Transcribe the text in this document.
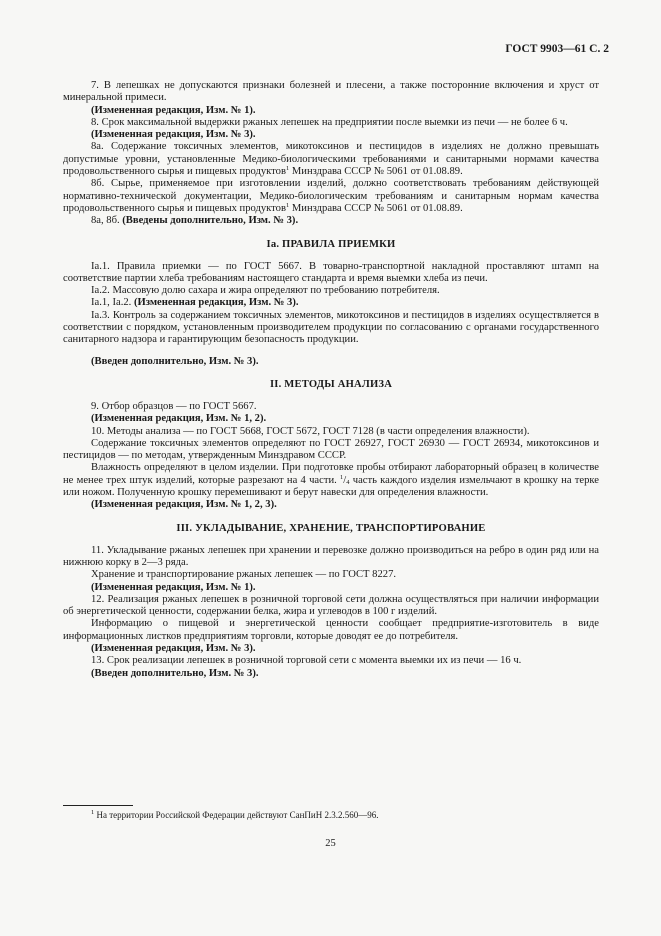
ГОСТ 9903—61 С. 2

7. В лепешках не допускаются признаки болезней и плесени, а также посторонние включения и хруст от минеральной примеси.

(Измененная редакция, Изм. № 1).

8. Срок максимальной выдержки ржаных лепешек на предприятии после выемки из печи — не более 6 ч.

(Измененная редакция, Изм. № 3).

8а. Содержание токсичных элементов, микотоксинов и пестицидов в изделиях не должно превышать допустимые уровни, установленные Медико-биологическими требованиями и санитарными нормами качества продовольственного сырья и пищевых продуктов$^1$ Минздрава СССР № 5061 от 01.08.89.

8б. Сырье, применяемое при изготовлении изделий, должно соответствовать требованиям действующей нормативно-технической документации, Медико-биологическим требованиям и санитарным нормам качества продовольственного сырья и пищевых продуктов$^1$ Минздрава СССР № 5061 от 01.08.89.

8а, 8б. (Введены дополнительно, Изм. № 3).

Iа. ПРАВИЛА ПРИЕМКИ

Iа.1. Правила приемки — по ГОСТ 5667. В товарно-транспортной накладной проставляют штамп на соответствие партии хлеба требованиям настоящего стандарта и время выемки хлеба из печи.

Iа.2. Массовую долю сахара и жира определяют по требованию потребителя.

Iа.1, Iа.2. (Измененная редакция, Изм. № 3).

Iа.3. Контроль за содержанием токсичных элементов, микотоксинов и пестицидов в изделиях осуществляется в соответствии с порядком, установленным производителем продукции по согласованию с органами государственного санитарного надзора и гарантирующим безопасность продукции.

(Введен дополнительно, Изм. № 3).

II. МЕТОДЫ АНАЛИЗА

9. Отбор образцов — по ГОСТ 5667.

(Измененная редакция, Изм. № 1, 2).

10. Методы анализа — по ГОСТ 5668, ГОСТ 5672, ГОСТ 7128 (в части определения влажности).

Содержание токсичных элементов определяют по ГОСТ 26927, ГОСТ 26930 — ГОСТ 26934, микотоксинов и пестицидов — по методам, утвержденным Минздравом СССР.

Влажность определяют в целом изделии. При подготовке пробы отбирают лабораторный образец в количестве не менее трех штук изделий, которые разрезают на 4 части. $^1/_4$ часть каждого изделия измельчают в крошку на терке или ножом. Полученную крошку перемешивают и берут навески для определения влажности.

(Измененная редакция, Изм. № 1, 2, 3).

III. УКЛАДЫВАНИЕ, ХРАНЕНИЕ, ТРАНСПОРТИРОВАНИЕ

11. Укладывание ржаных лепешек при хранении и перевозке должно производиться на ребро в один ряд или на нижнюю корку в 2—3 ряда.

Хранение и транспортирование ржаных лепешек — по ГОСТ 8227.

(Измененная редакция, Изм. № 1).

12. Реализация ржаных лепешек в розничной торговой сети должна осуществляться при наличии информации об энергетической ценности, содержании белка, жира и углеводов в 100 г изделий.

Информацию о пищевой и энергетической ценности сообщает предприятие-изготовитель в виде информационных листков предприятиям торговли, которые доводят ее до потребителя.

(Измененная редакция, Изм. № 3).

13. Срок реализации лепешек в розничной торговой сети с момента выемки их из печи — 16 ч.

(Введен дополнительно, Изм. № 3).

$^1$ На территории Российской Федерации действуют СанПиН 2.3.2.560—96.
25
